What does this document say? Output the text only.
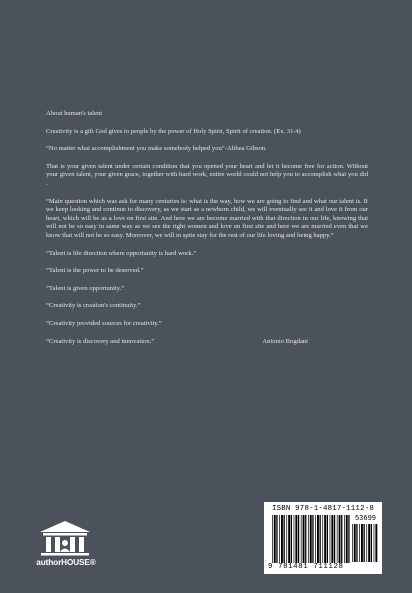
About human's talent

Creativity is a gift God gives to people by the power of Holy Spirit, Spirit of creation. (Ex. 31:4)

“No matter what accomplishment you make somebody helped you”-Althea Gibson.

That is your given talent under certain condition that you opened your heart and let it become free for action. Without your given talent, your given grace, together with hard work, entire world could not help you to accomplish what you did .

“Main question which was ask for many centuries is: what is the way, how we are going to find and what our talent is. If we keep looking and continue to discovery, as we start as a newborn child, we will eventually see it and love it from our heart, which will be as a love on first site. And here we are become married with that direction in our life, knowing that will not be so easy in same way as we see the right women and love on first site and here we are married even that we know that will not be so easy. Moreover, we will in spite stay for the rest of our life loving and being happy.”

“Talent is life direction where opportunity is hard work.”

“Talent is the power to be deserved.”

“Talent is given opportunity.”

“Creativity is creation's continuity.”

“Creativity provided sources for creativity.”

“Creativity is discovery and innovation.”	Antonio Bogdani

authorHOUSE®
ISBN 978-1-4817-1112-8
53699
9 781481 711128
